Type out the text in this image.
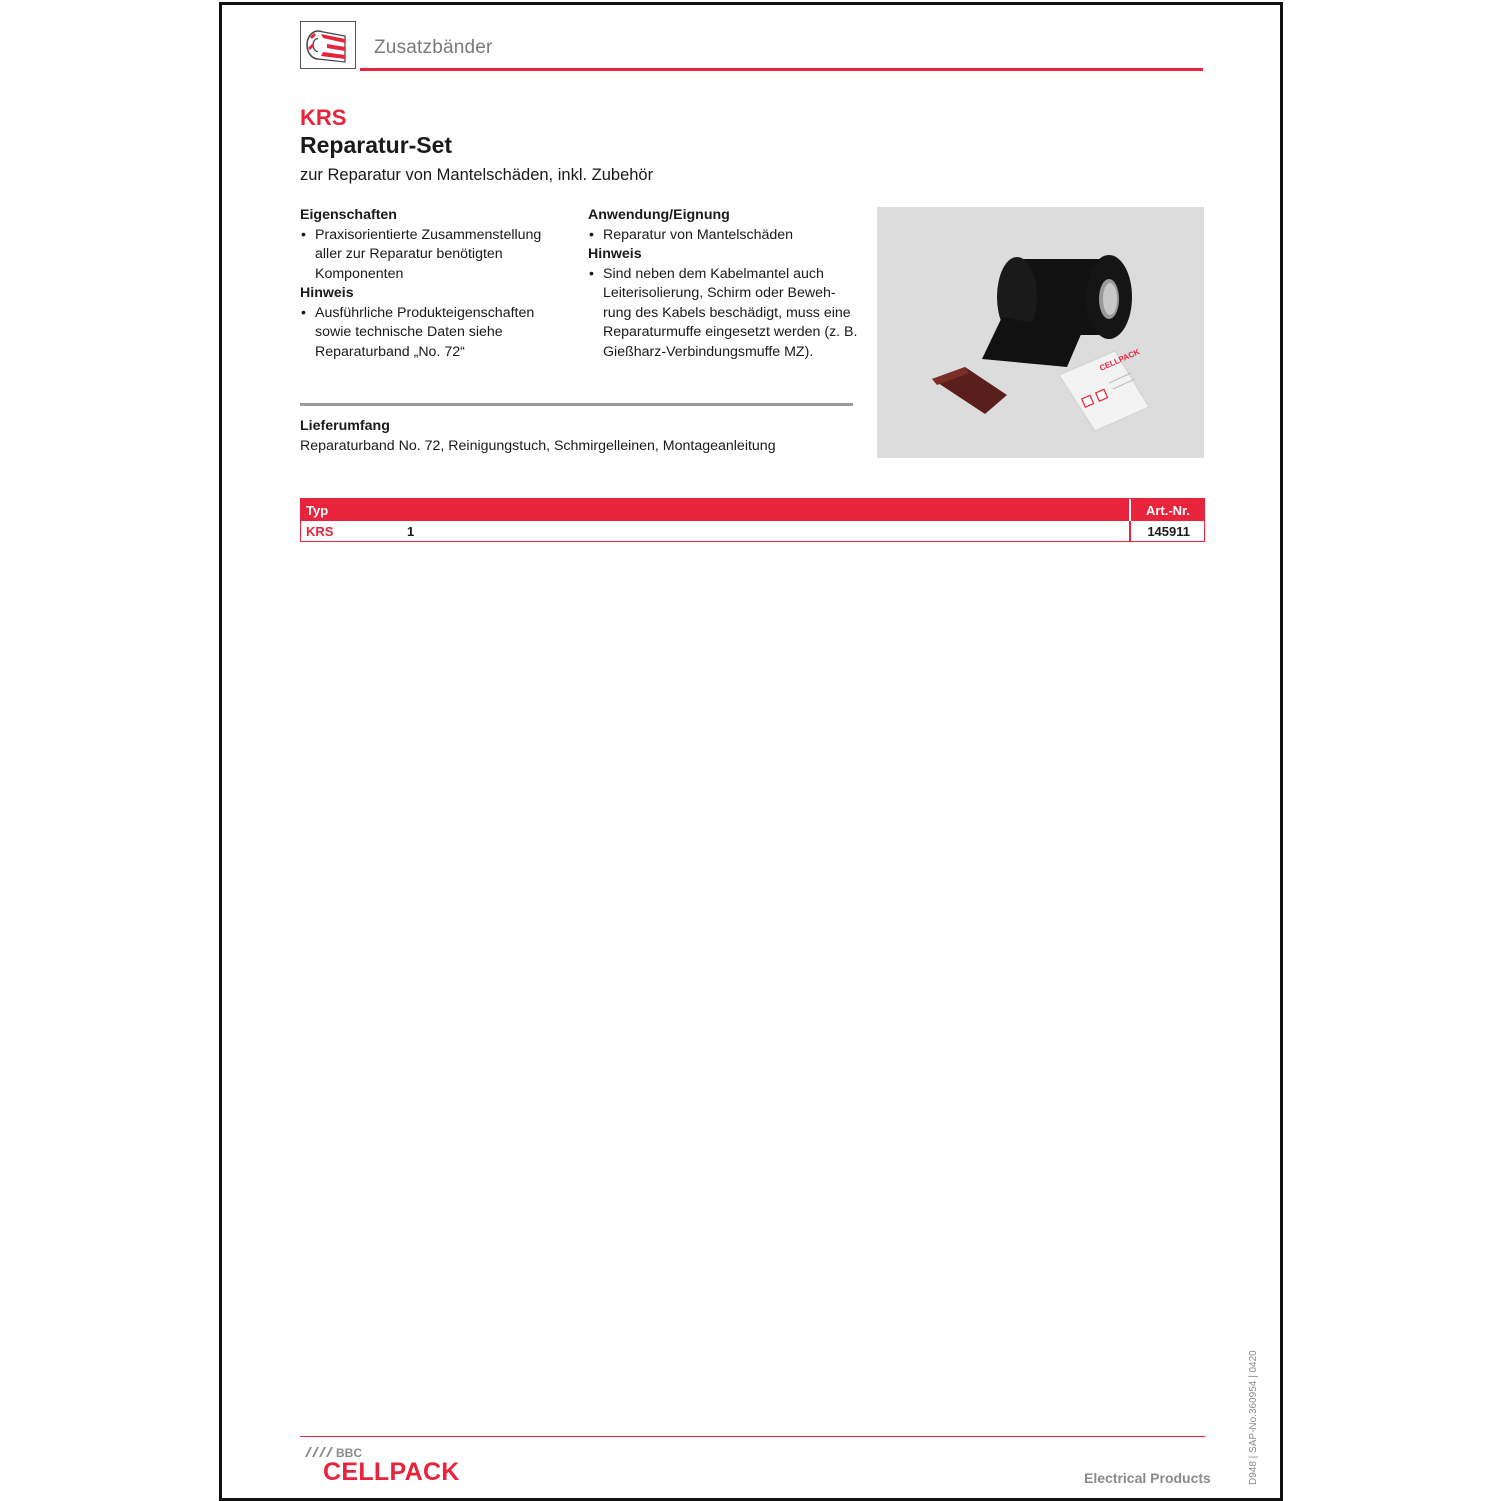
Zusatzbänder
KRS
Reparatur-Set
zur Reparatur von Mantelschäden, inkl. Zubehör
Eigenschaften
• Praxisorientierte Zusammenstellung aller zur Reparatur benötigten Komponenten
Hinweis
• Ausführliche Produkteigenschaften sowie technische Daten siehe Reparaturband „No. 72“
Anwendung/Eignung
• Reparatur von Mantelschäden
Hinweis
• Sind neben dem Kabelmantel auch Leiterisolierung, Schirm oder Beweh-rung des Kabels beschädigt, muss eine Reparaturmuffe eingesetzt werden (z. B. Gießharz-Verbindungsmuffe MZ).
Lieferumfang
Reparaturband No. 72, Reinigungstuch, Schmirgelleinen, Montageanleitung
CELLPACK
Typ	Art.-Nr.
KRS	1	145911
D948 | SAP-No.360954 | 0420
BBC
CELLPACK	Electrical Products
